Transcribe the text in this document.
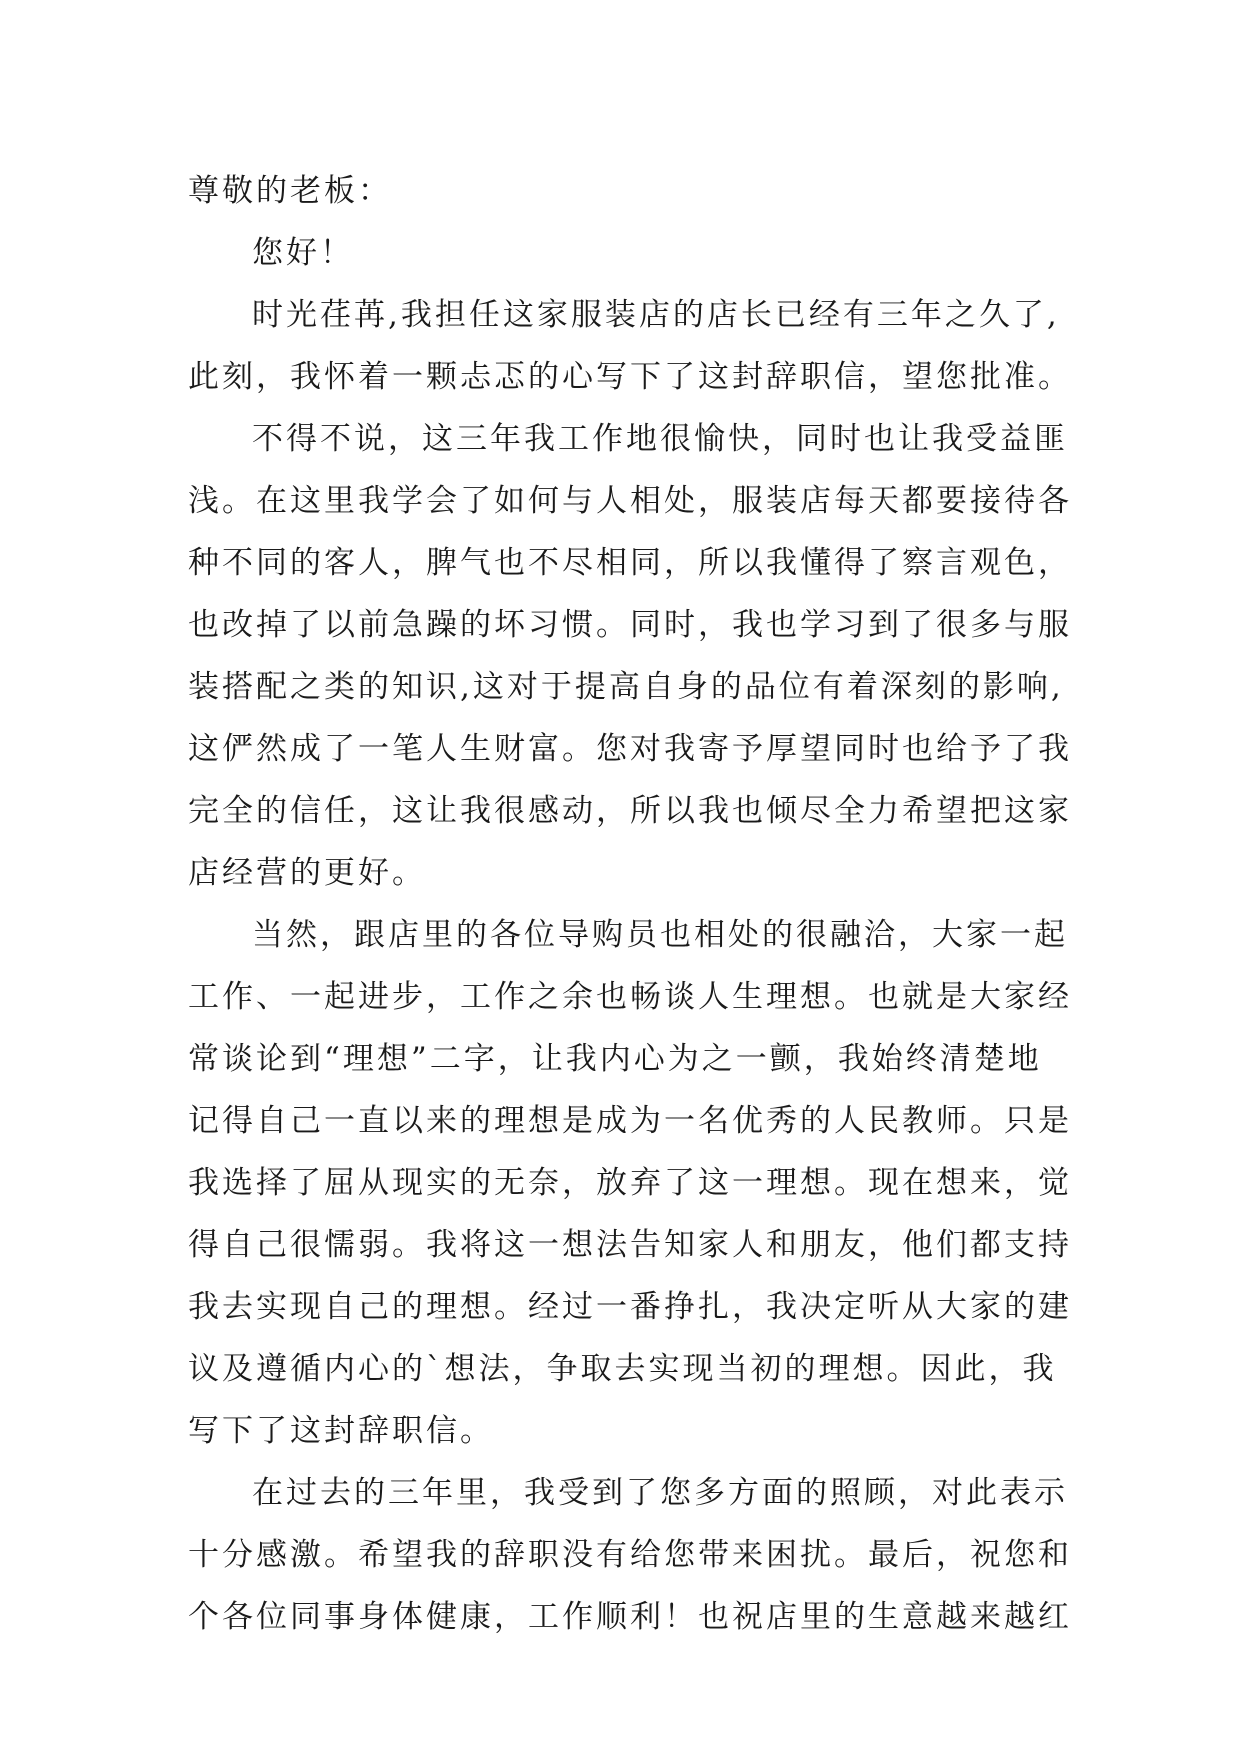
尊敬的老板：
您好！
时光荏苒,我担任这家服装店的店长已经有三年之久了,
此刻，我怀着一颗忐忑的心写下了这封辞职信，望您批准。
不得不说，这三年我工作地很愉快，同时也让我受益匪
浅。在这里我学会了如何与人相处，服装店每天都要接待各
种不同的客人，脾气也不尽相同，所以我懂得了察言观色，
也改掉了以前急躁的坏习惯。同时，我也学习到了很多与服
装搭配之类的知识,这对于提高自身的品位有着深刻的影响,
这俨然成了一笔人生财富。您对我寄予厚望同时也给予了我
完全的信任，这让我很感动，所以我也倾尽全力希望把这家
店经营的更好。
当然，跟店里的各位导购员也相处的很融洽，大家一起
工作、一起进步，工作之余也畅谈人生理想。也就是大家经
常谈论到“理想”二字，让我内心为之一颤，我始终清楚地
记得自己一直以来的理想是成为一名优秀的人民教师。只是
我选择了屈从现实的无奈，放弃了这一理想。现在想来，觉
得自己很懦弱。我将这一想法告知家人和朋友，他们都支持
我去实现自己的理想。经过一番挣扎，我决定听从大家的建
议及遵循内心的`想法，争取去实现当初的理想。因此，我
写下了这封辞职信。
在过去的三年里，我受到了您多方面的照顾，对此表示
十分感激。希望我的辞职没有给您带来困扰。最后，祝您和
个各位同事身体健康，工作顺利！也祝店里的生意越来越红
